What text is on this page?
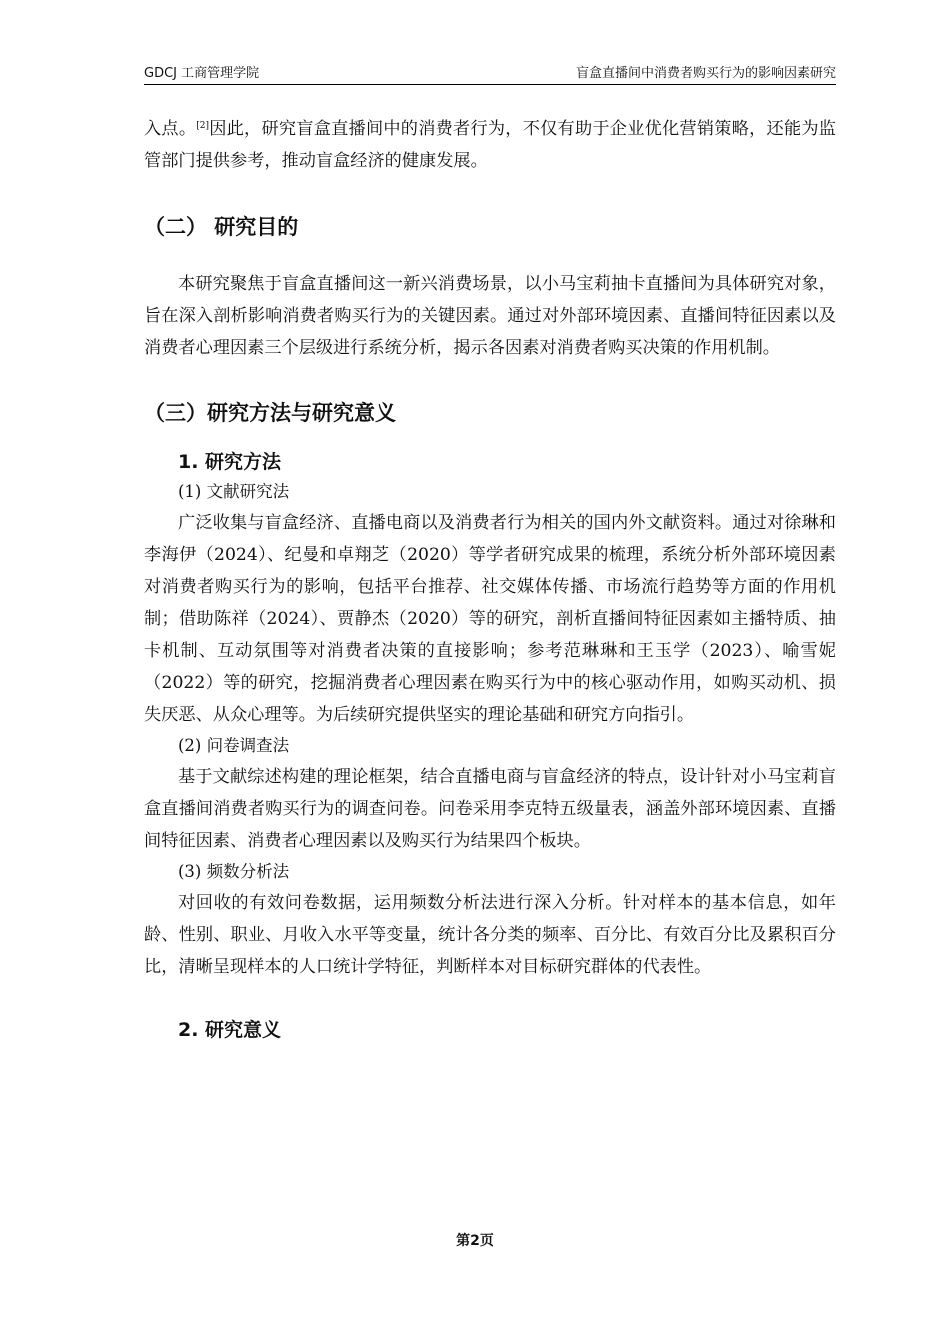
GDCJ 工商管理学院	盲盒直播间中消费者购买行为的影响因素研究

入点。[2]因此，研究盲盒直播间中的消费者行为，不仅有助于企业优化营销策略，还能为监管部门提供参考，推动盲盒经济的健康发展。

（二） 研究目的

本研究聚焦于盲盒直播间这一新兴消费场景，以小马宝莉抽卡直播间为具体研究对象，旨在深入剖析影响消费者购买行为的关键因素。通过对外部环境因素、直播间特征因素以及消费者心理因素三个层级进行系统分析，揭示各因素对消费者购买决策的作用机制。

（三）研究方法与研究意义
1. 研究方法
(1) 文献研究法

广泛收集与盲盒经济、直播电商以及消费者行为相关的国内外文献资料。通过对徐琳和李海伊（2024）、纪曼和卓翔芝（2020）等学者研究成果的梳理，系统分析外部环境因素对消费者购买行为的影响，包括平台推荐、社交媒体传播、市场流行趋势等方面的作用机制；借助陈祥（2024）、贾静杰（2020）等的研究，剖析直播间特征因素如主播特质、抽卡机制、互动氛围等对消费者决策的直接影响；参考范琳琳和王玉学（2023）、喻雪妮（2022）等的研究，挖掘消费者心理因素在购买行为中的核心驱动作用，如购买动机、损失厌恶、从众心理等。为后续研究提供坚实的理论基础和研究方向指引。

(2) 问卷调查法

基于文献综述构建的理论框架，结合直播电商与盲盒经济的特点，设计针对小马宝莉盲盒直播间消费者购买行为的调查问卷。问卷采用李克特五级量表，涵盖外部环境因素、直播间特征因素、消费者心理因素以及购买行为结果四个板块。

(3) 频数分析法

对回收的有效问卷数据，运用频数分析法进行深入分析。针对样本的基本信息，如年龄、性别、职业、月收入水平等变量，统计各分类的频率、百分比、有效百分比及累积百分比，清晰呈现样本的人口统计学特征，判断样本对目标研究群体的代表性。

2. 研究意义
第2页
